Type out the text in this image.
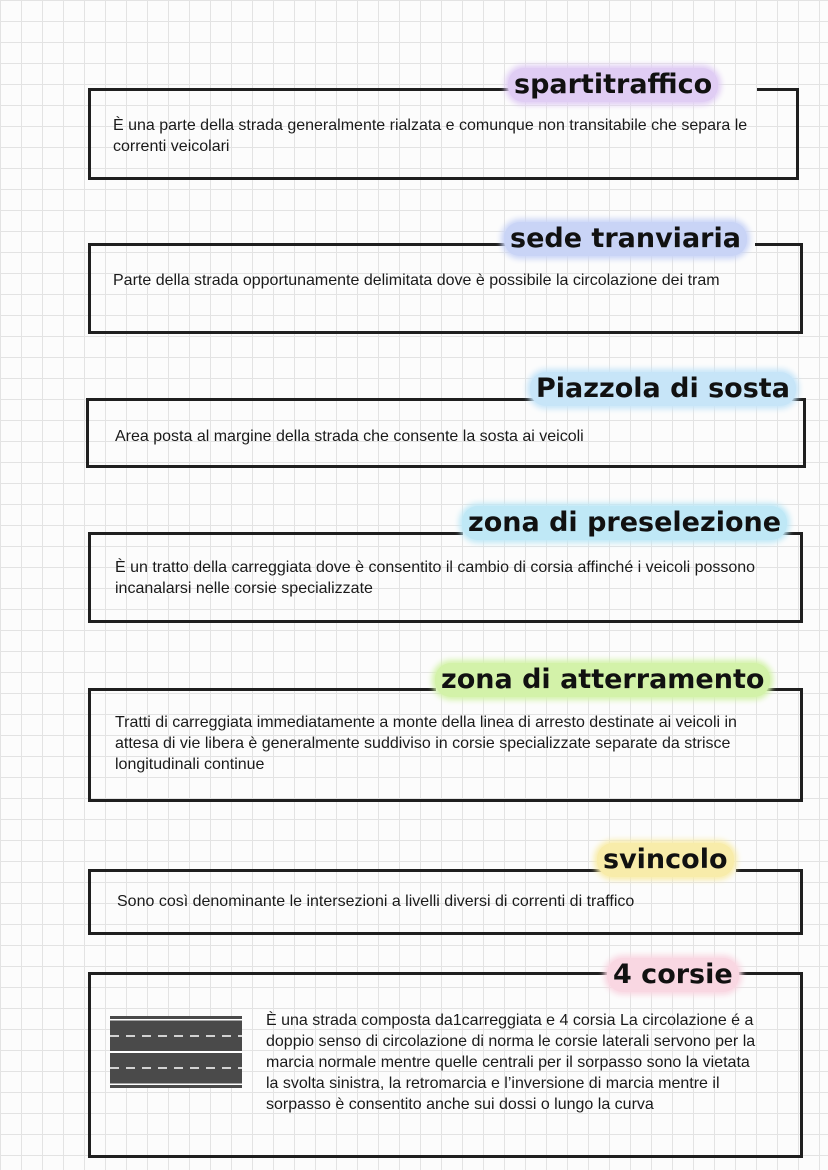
È una parte della strada generalmente rialzata e comunque non transitabile che separa le correnti veicolari
spartitraffico
Parte della strada opportunamente delimitata dove è possibile la circolazione dei tram
sede tranviaria
Area posta al margine della strada che consente la sosta ai veicoli
Piazzola di sosta
È un tratto della carreggiata dove è consentito il cambio di corsia affinché i veicoli possono incanalarsi nelle corsie specializzate
zona di preselezione
Tratti di carreggiata immediatamente a monte della linea di arresto destinate ai veicoli in attesa di vie libera è generalmente suddiviso in corsie specializzate separate da strisce longitudinali continue
zona di atterramento
Sono così denominante le intersezioni a livelli diversi di correnti di traffico
svincolo
È una strada composta da1carreggiata e 4 corsia La circolazione é a doppio senso di circolazione di norma le corsie laterali servono per la marcia normale mentre quelle centrali per il sorpasso sono la vietata la svolta sinistra, la retromarcia e l’inversione di marcia mentre il sorpasso è consentito anche sui dossi o lungo la curva
4 corsie
